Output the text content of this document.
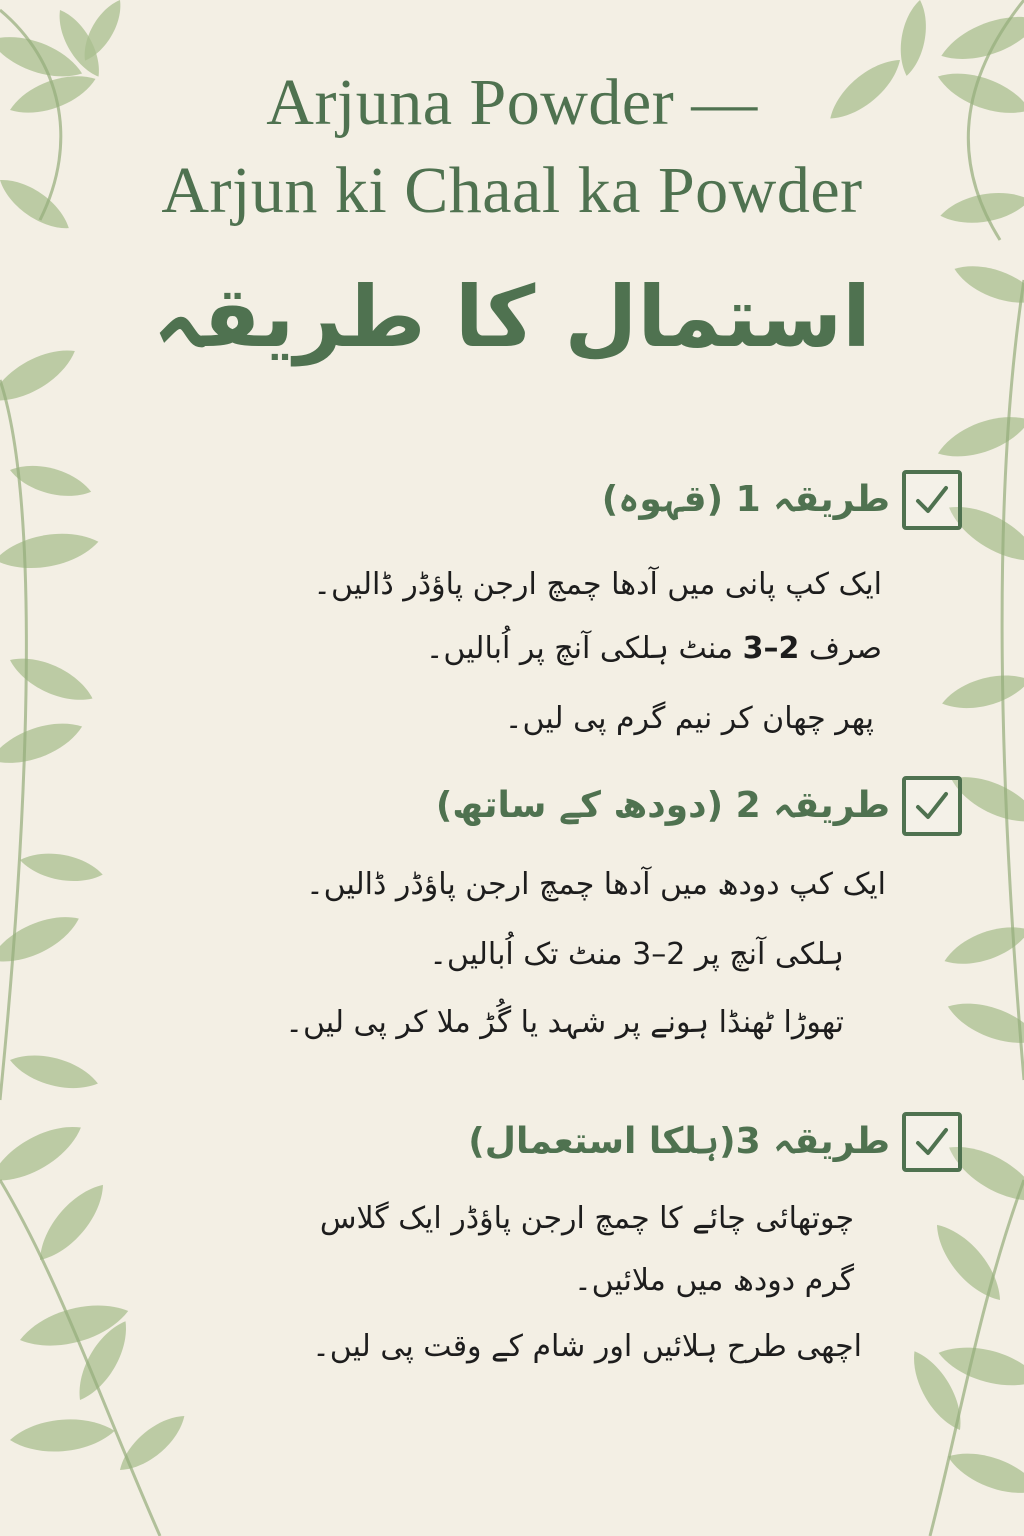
Arjuna Powder —
Arjun ki Chaal ka Powder
استمال کا طریقہ
طریقہ 1 (قہوہ)
ایک کپ پانی میں آدھا چمچ ارجن پاؤڈر ڈالیں۔
صرف 2–3 منٹ ہلکی آنچ پر اُبالیں۔
پھر چھان کر نیم گرم پی لیں۔
طریقہ 2 (دودھ کے ساتھ)
ایک کپ دودھ میں آدھا چمچ ارجن پاؤڈر ڈالیں۔
ہلکی آنچ پر 2–3 منٹ تک اُبالیں۔
تھوڑا ٹھنڈا ہونے پر شہد یا گُڑ ملا کر پی لیں۔
طریقہ 3(ہلکا استعمال)
چوتھائی چائے کا چمچ ارجن پاؤڈر ایک گلاس
گرم دودھ میں ملائیں۔
اچھی طرح ہلائیں اور شام کے وقت پی لیں۔
